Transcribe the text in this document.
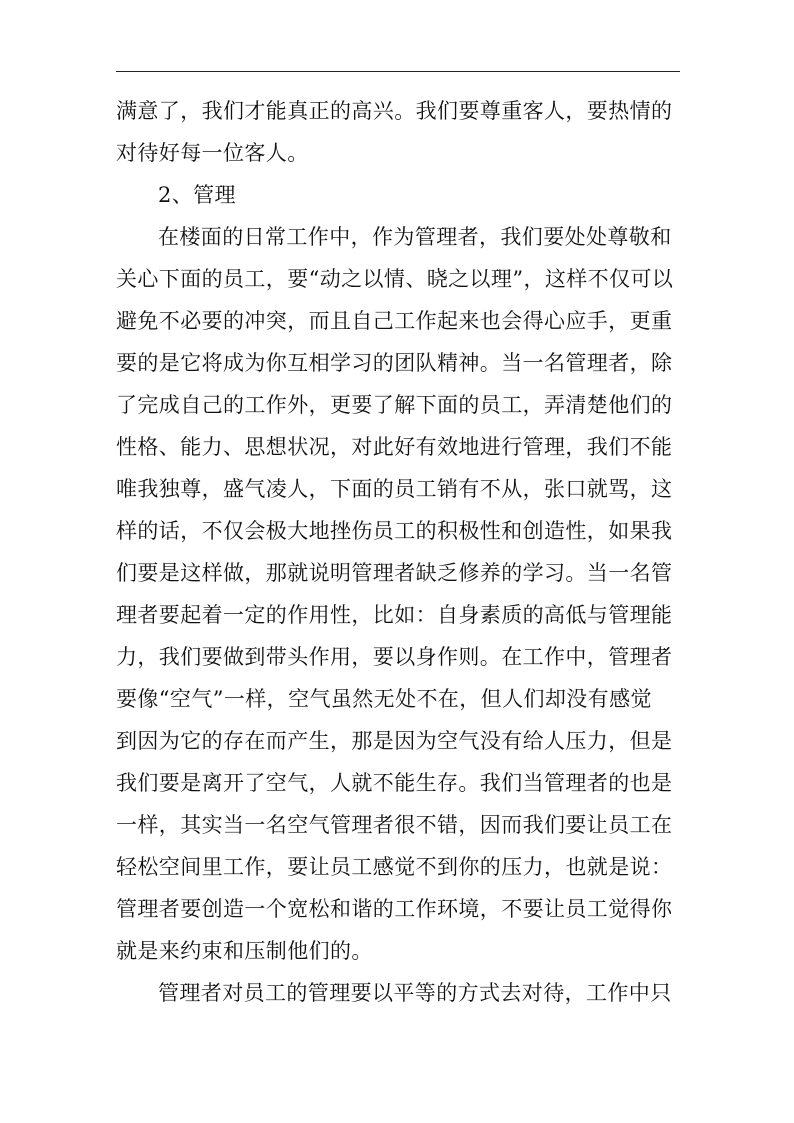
满意了，我们才能真正的高兴。我们要尊重客人，要热情的
对待好每一位客人。
2、管理
在楼面的日常工作中，作为管理者，我们要处处尊敬和
关心下面的员工，要“动之以情、晓之以理”，这样不仅可以
避免不必要的冲突，而且自己工作起来也会得心应手，更重
要的是它将成为你互相学习的团队精神。当一名管理者，除
了完成自己的工作外，更要了解下面的员工，弄清楚他们的
性格、能力、思想状况，对此好有效地进行管理，我们不能
唯我独尊，盛气凌人，下面的员工销有不从，张口就骂，这
样的话，不仅会极大地挫伤员工的积极性和创造性，如果我
们要是这样做，那就说明管理者缺乏修养的学习。当一名管
理者要起着一定的作用性，比如：自身素质的高低与管理能
力，我们要做到带头作用，要以身作则。在工作中，管理者
要像“空气”一样，空气虽然无处不在，但人们却没有感觉
到因为它的存在而产生，那是因为空气没有给人压力，但是
我们要是离开了空气，人就不能生存。我们当管理者的也是
一样，其实当一名空气管理者很不错，因而我们要让员工在
轻松空间里工作，要让员工感觉不到你的压力，也就是说：
管理者要创造一个宽松和谐的工作环境，不要让员工觉得你
就是来约束和压制他们的。
管理者对员工的管理要以平等的方式去对待，工作中只
